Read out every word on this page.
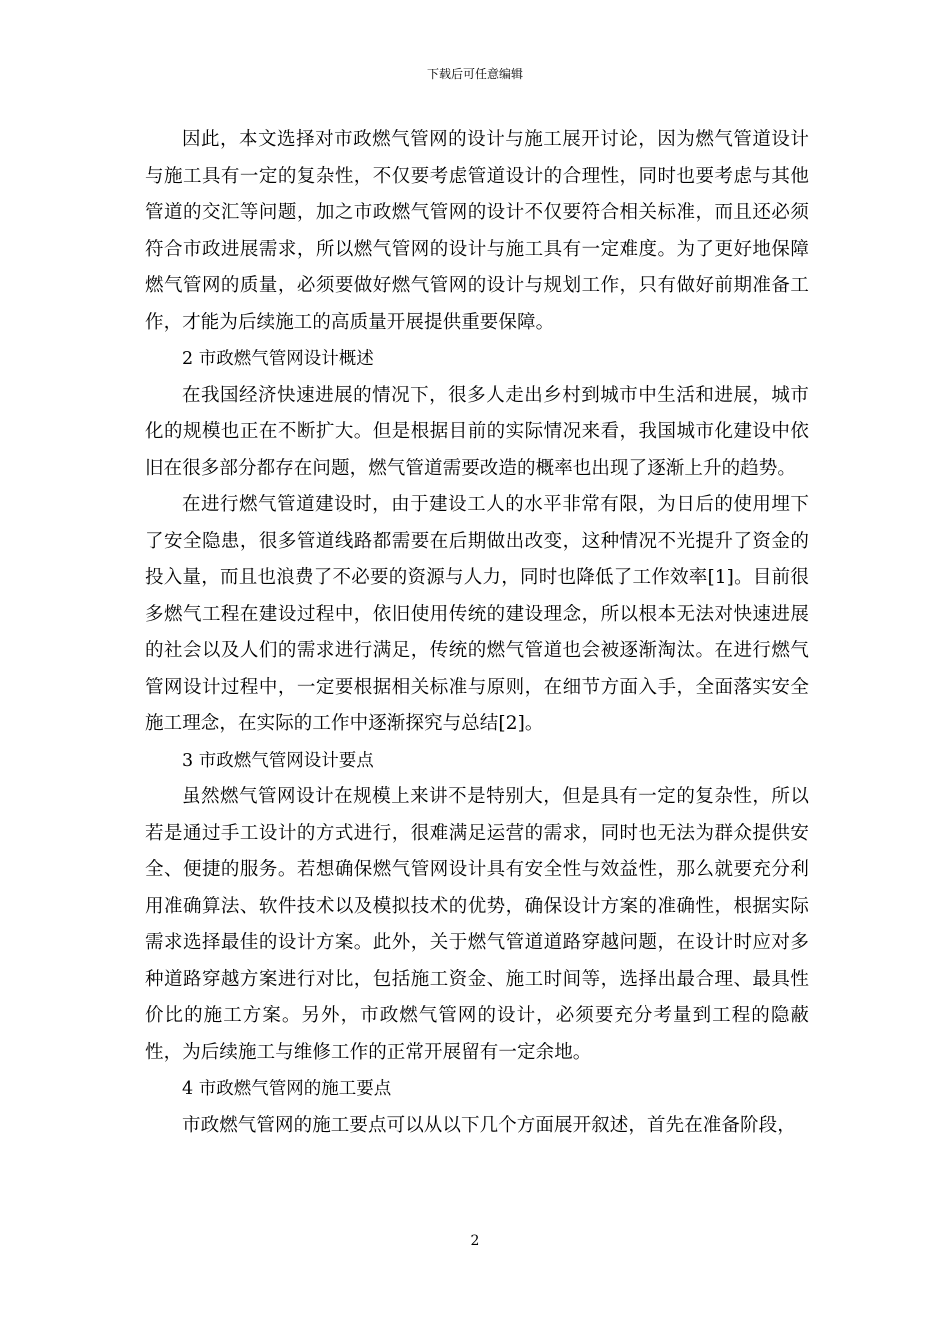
下载后可任意编辑

因此，本文选择对市政燃气管网的设计与施工展开讨论，因为燃气管道设计与施工具有一定的复杂性，不仅要考虑管道设计的合理性，同时也要考虑与其他管道的交汇等问题，加之市政燃气管网的设计不仅要符合相关标准，而且还必须符合市政进展需求，所以燃气管网的设计与施工具有一定难度。为了更好地保障燃气管网的质量，必须要做好燃气管网的设计与规划工作，只有做好前期准备工作，才能为后续施工的高质量开展提供重要保障。

2 市政燃气管网设计概述

在我国经济快速进展的情况下，很多人走出乡村到城市中生活和进展，城市化的规模也正在不断扩大。但是根据目前的实际情况来看，我国城市化建设中依旧在很多部分都存在问题，燃气管道需要改造的概率也出现了逐渐上升的趋势。

在进行燃气管道建设时，由于建设工人的水平非常有限，为日后的使用埋下了安全隐患，很多管道线路都需要在后期做出改变，这种情况不光提升了资金的投入量，而且也浪费了不必要的资源与人力，同时也降低了工作效率[1]。目前很多燃气工程在建设过程中，依旧使用传统的建设理念，所以根本无法对快速进展的社会以及人们的需求进行满足，传统的燃气管道也会被逐渐淘汰。在进行燃气管网设计过程中，一定要根据相关标准与原则，在细节方面入手，全面落实安全施工理念，在实际的工作中逐渐探究与总结[2]。

3 市政燃气管网设计要点

虽然燃气管网设计在规模上来讲不是特别大，但是具有一定的复杂性，所以若是通过手工设计的方式进行，很难满足运营的需求，同时也无法为群众提供安全、便捷的服务。若想确保燃气管网设计具有安全性与效益性，那么就要充分利用准确算法、软件技术以及模拟技术的优势，确保设计方案的准确性，根据实际需求选择最佳的设计方案。此外，关于燃气管道道路穿越问题，在设计时应对多种道路穿越方案进行对比，包括施工资金、施工时间等，选择出最合理、最具性价比的施工方案。另外，市政燃气管网的设计，必须要充分考量到工程的隐蔽性，为后续施工与维修工作的正常开展留有一定余地。

4 市政燃气管网的施工要点

市政燃气管网的施工要点可以从以下几个方面展开叙述，首先在准备阶段，

2
